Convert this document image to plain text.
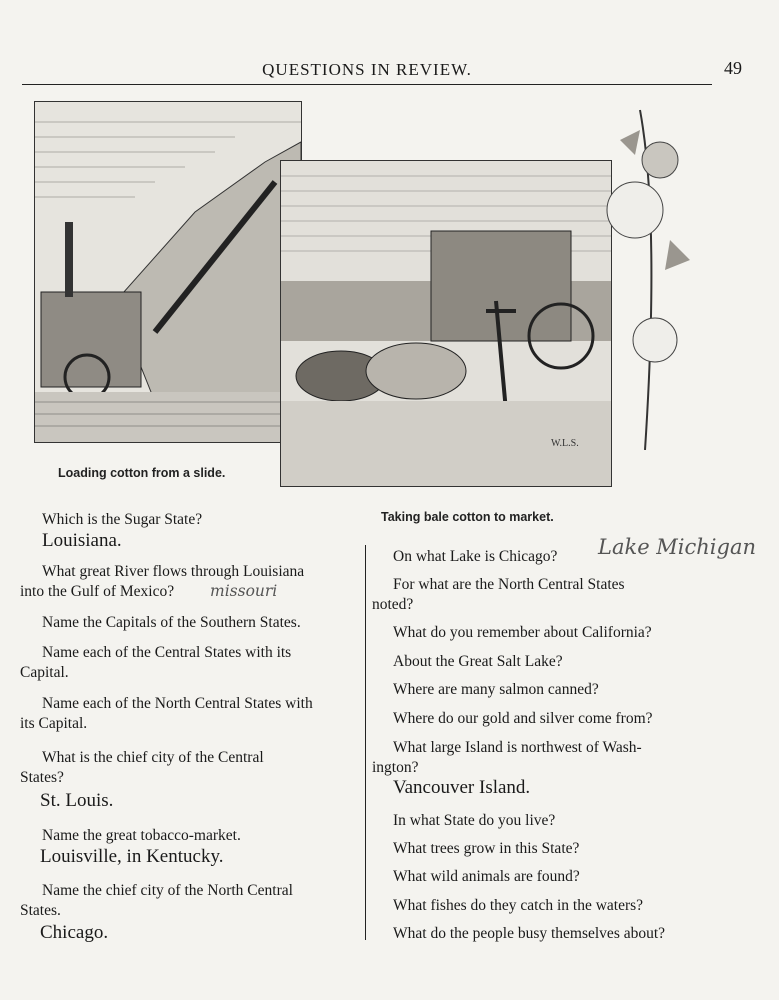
QUESTIONS IN REVIEW.	49
W.L.S.
Loading cotton from a slide.
Taking bale cotton to market.
Which is the Sugar State?
Louisiana.
What great River flows through Louisiana
into the Gulf of Mexico? missouri
Name the Capitals of the Southern States.
Name each of the Central States with its
Capital.
Name each of the North Central States with
its Capital.
What is the chief city of the Central
States?
St. Louis.
Name the great tobacco-market.
Louisville, in Kentucky.
Name the chief city of the North Central
States.
Chicago.
On what Lake is Chicago? Lake Michigan
For what are the North Central States
noted?
What do you remember about California?
About the Great Salt Lake?
Where are many salmon canned?
Where do our gold and silver come from?
What large Island is northwest of Wash-
ington?
Vancouver Island.
In what State do you live?
What trees grow in this State?
What wild animals are found?
What fishes do they catch in the waters?
What do the people busy themselves about?
